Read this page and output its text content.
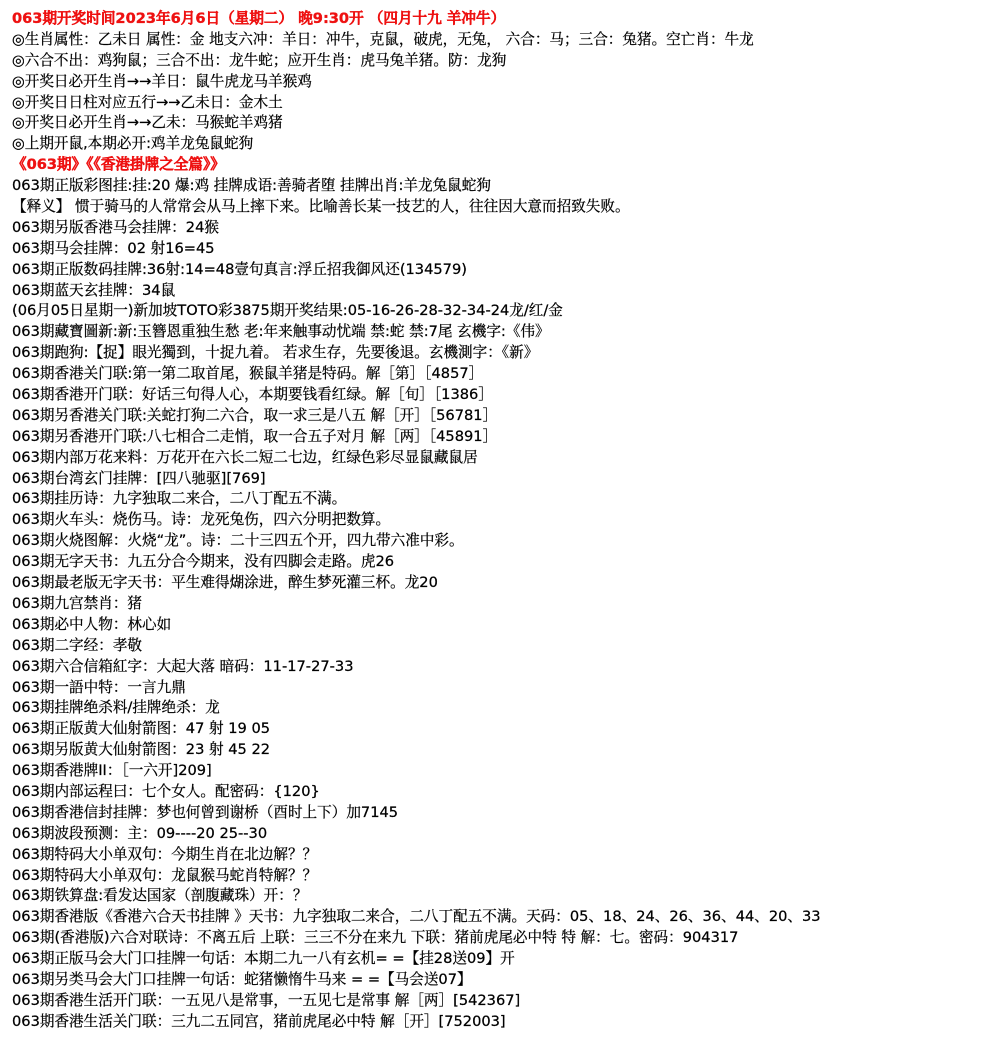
063期开奖时间2023年6月6日（星期二） 晚9:30开 （四月十九 羊冲牛）
◎生肖属性：乙未日 属性：金 地支六冲：羊日：冲牛，克鼠，破虎，无兔， 六合：马；三合：兔猪。空亡肖：牛龙
◎六合不出：鸡狗鼠；三合不出：龙牛蛇；应开生肖：虎马兔羊猪。防：龙狗
◎开奖日必开生肖→→羊日：鼠牛虎龙马羊猴鸡
◎开奖日日柱对应五行→→乙未日：金木土
◎开奖日必开生肖→→乙未：马猴蛇羊鸡猪
◎上期开鼠,本期必开:鸡羊龙兔鼠蛇狗
《063期》《《香港掛牌之全篇》》
063期正版彩图挂:挂:20 爆:鸡 挂牌成语:善骑者堕 挂牌出肖:羊龙兔鼠蛇狗
【释义】 惯于骑马的人常常会从马上摔下来。比喻善长某一技艺的人，往往因大意而招致失败。
063期另版香港马会挂牌：24猴
063期马会挂牌：02 射16=45
063期正版数码挂牌:36射:14=48壹句真言:浮丘招我御风还(134579)
063期蓝天玄挂牌：34鼠
(06月05日星期一)新加坡TOTO彩3875期开奖结果:05-16-26-28-32-34-24龙/红/金
063期藏寶圖新:新:玉簪恩重独生愁 老:年来触事动忧端 禁:蛇 禁:7尾 玄機字:《伟》
063期跑狗:【捉】眼光獨到，十捉九着。 若求生存，先要後退。玄機測字：《新》
063期香港关门联:第一第二取首尾，猴鼠羊猪是特码。解［第］［4857］
063期香港开门联：好话三句得人心，本期要钱看红绿。解［旬］［1386］
063期另香港关门联:关蛇打狗二六合，取一求三是八五 解［开］［56781］
063期另香港开门联:八七相合二走悄，取一合五子对月 解［两］［45891］
063期内部万花来料：万花开在六长二短二七边，红绿色彩尽显鼠藏鼠居
063期台湾玄门挂牌：[四八驰驱][769]
063期挂历诗：九字独取二来合，二八丁配五不满。
063期火车头：烧伤马。诗：龙死兔伤，四六分明把数算。
063期火烧图解：火烧“龙”。诗：二十三四五个开，四九带六准中彩。
063期无字天书：九五分合今期来，没有四脚会走路。虎26
063期最老版无字天书：平生难得煳涂进，醉生梦死灌三杯。龙20
063期九宫禁肖：猪
063期必中人物：林心如
063期二字经：孝敬
063期六合信箱紅字：大起大落 暗码：11-17-27-33
063期一語中特：一言九鼎
063期挂牌绝杀料/挂牌绝杀：龙
063期正版黄大仙射箭图：47 射 19 05
063期另版黄大仙射箭图：23 射 45 22
063期香港牌II：［一六开]209]
063期内部运程曰：七个女人。配密码：{120}
063期香港信封挂牌：梦也何曾到谢桥（酉时上下）加7145
063期波段预测：主：09----20 25--30
063期特码大小单双句：今期生肖在北边解？？
063期特码大小单双句：龙鼠猴马蛇肖特解？？
063期铁算盘:看发达国家（剖腹藏珠）开：？
063期香港版《香港六合天书挂牌 》天书：九字独取二来合，二八丁配五不满。天码：05、18、24、26、36、44、20、33
063期(香港版)六合对联诗：不离五后 上联：三三不分在来九 下联：猪前虎尾必中特 特 解：七。密码：904317
063期正版马会大门口挂牌一句话：本期二九一八有玄机= =【挂28送09】开
063期另类马会大门口挂牌一句话：蛇猪懒惰牛马来 = =【马会送07】
063期香港生活开门联：一五见八是常事，一五见七是常事 解［两］[542367]
063期香港生活关门联：三九二五同宫，猪前虎尾必中特 解［开］[752003]
